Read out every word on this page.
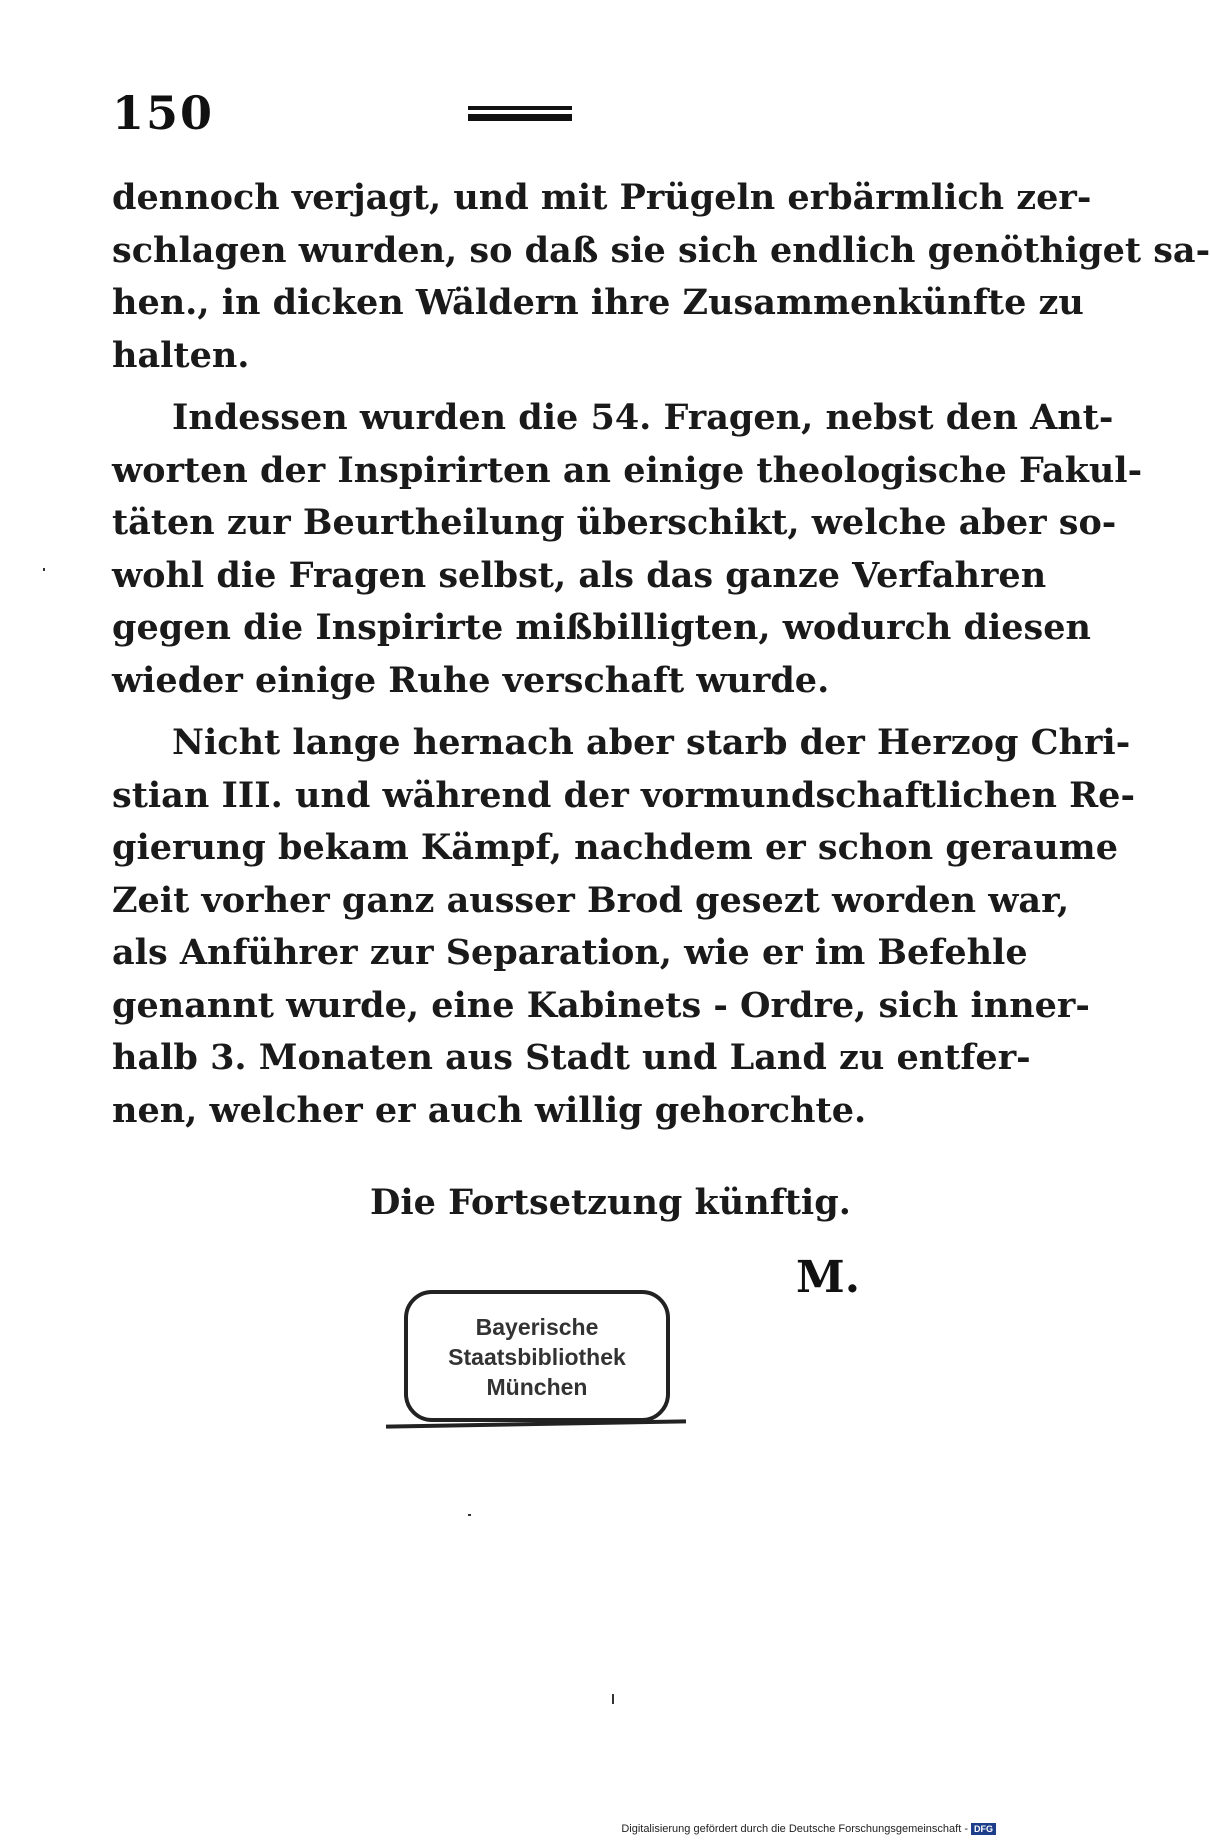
150
dennoch verjagt, und mit Prügeln erbärmlich zer-
schlagen wurden, so daß sie sich endlich genöthiget sa-
hen., in dicken Wäldern ihre Zusammenkünfte zu
halten.
Indessen wurden die 54. Fragen, nebst den Ant-
worten der Inspirirten an einige theologische Fakul-
täten zur Beurtheilung überschikt, welche aber so-
wohl die Fragen selbst, als das ganze Verfahren
gegen die Inspirirte mißbilligten, wodurch diesen
wieder einige Ruhe verschaft wurde.
Nicht lange hernach aber starb der Herzog Chri-
stian III. und während der vormundschaftlichen Re-
gierung bekam Kämpf, nachdem er schon geraume
Zeit vorher ganz ausser Brod gesezt worden war,
als Anführer zur Separation, wie er im Befehle
genannt wurde, eine Kabinets - Ordre, sich inner-
halb 3. Monaten aus Stadt und Land zu entfer-
nen, welcher er auch willig gehorchte.
Die Fortsetzung künftig.
M.
Bayerische
Staatsbibliothek
München
Digitalisierung gefördert durch die Deutsche Forschungsgemeinschaft - DFG
